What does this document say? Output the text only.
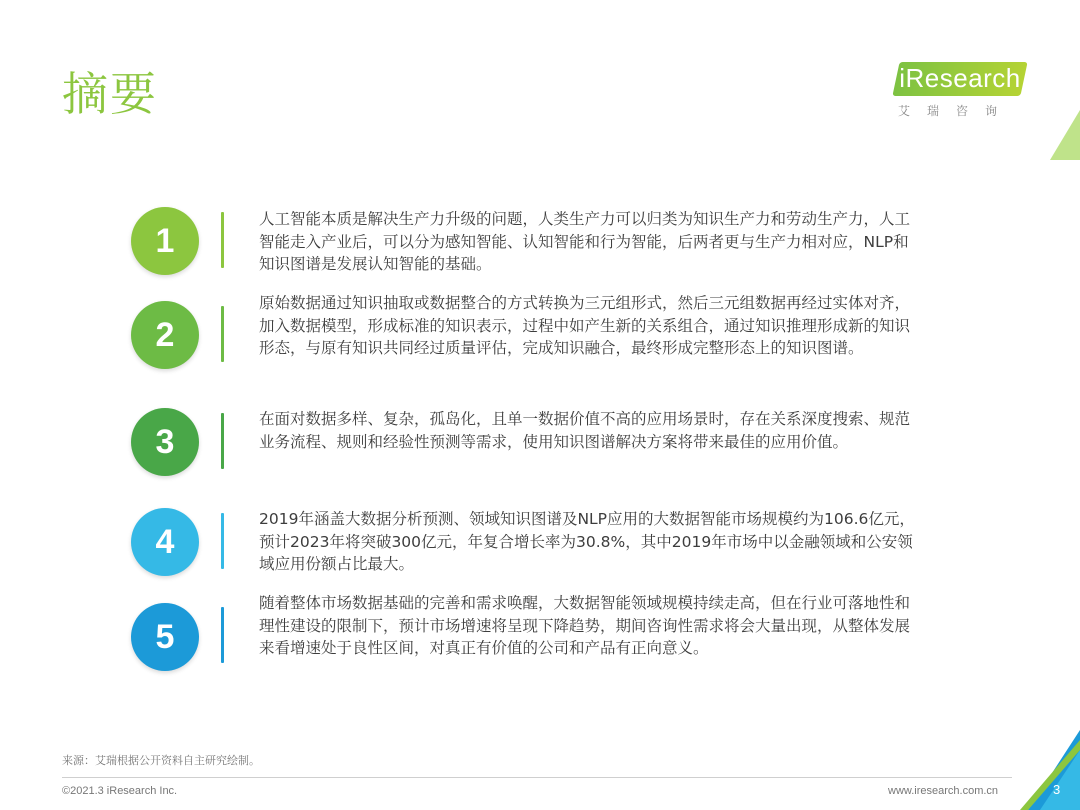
摘要	iResearch
艾瑞咨询
1
人工智能本质是解决生产力升级的问题，人类生产力可以归类为知识生产力和劳动生产力，人工智能走入产业后，可以分为感知智能、认知智能和行为智能，后两者更与生产力相对应，NLP和知识图谱是发展认知智能的基础。
2
原始数据通过知识抽取或数据整合的方式转换为三元组形式，然后三元组数据再经过实体对齐，加入数据模型，形成标准的知识表示，过程中如产生新的关系组合，通过知识推理形成新的知识形态，与原有知识共同经过质量评估，完成知识融合，最终形成完整形态上的知识图谱。
3
在面对数据多样、复杂，孤岛化，且单一数据价值不高的应用场景时，存在关系深度搜索、规范业务流程、规则和经验性预测等需求，使用知识图谱解决方案将带来最佳的应用价值。
4
2019年涵盖大数据分析预测、领域知识图谱及NLP应用的大数据智能市场规模约为106.6亿元，预计2023年将突破300亿元，年复合增长率为30.8%，其中2019年市场中以金融领域和公安领域应用份额占比最大。
5
随着整体市场数据基础的完善和需求唤醒，大数据智能领域规模持续走高，但在行业可落地性和理性建设的限制下，预计市场增速将呈现下降趋势，期间咨询性需求将会大量出现，从整体发展来看增速处于良性区间，对真正有价值的公司和产品有正向意义。
来源：艾瑞根据公开资料自主研究绘制。
©2021.3 iResearch Inc.	www.iresearch.com.cn	3
